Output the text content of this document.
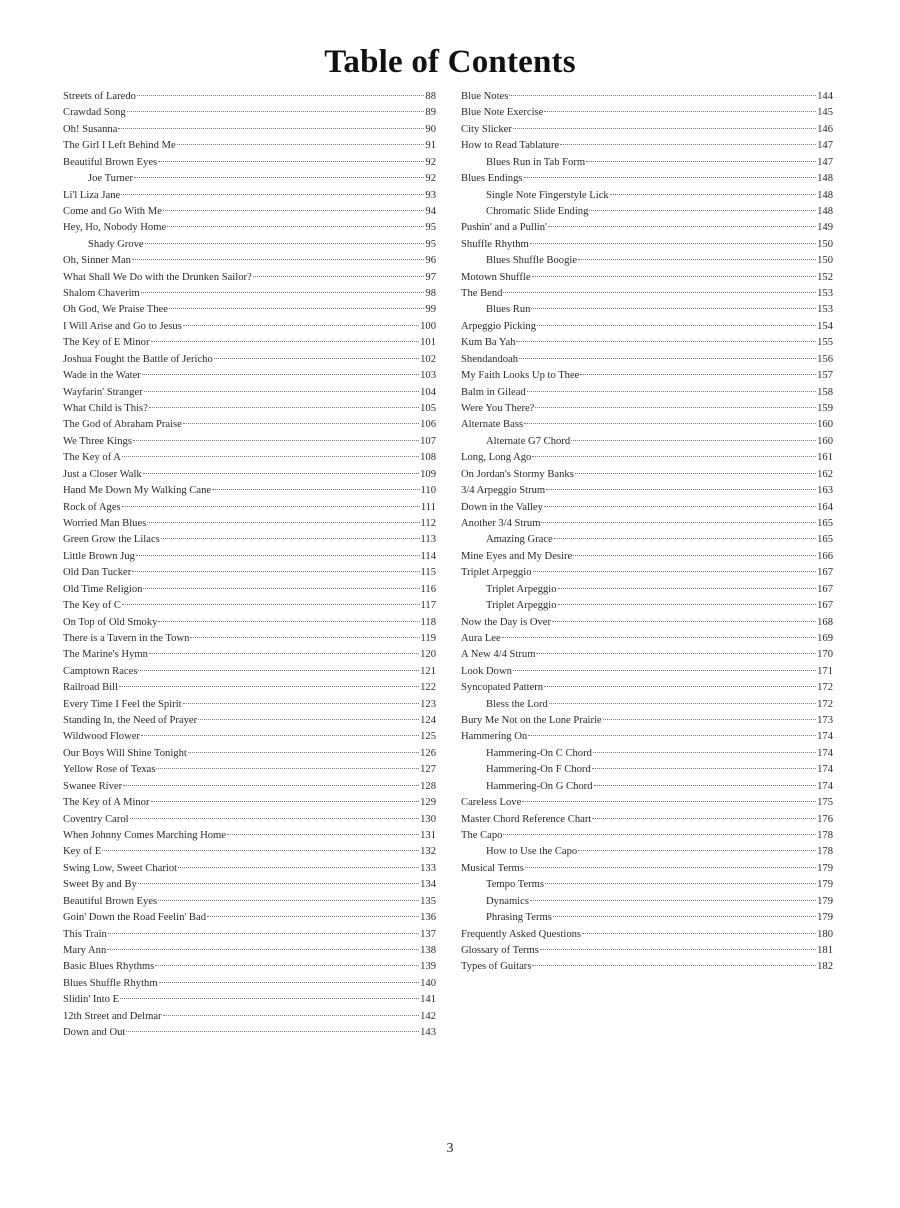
Table of Contents
Streets of Laredo	88
Crawdad Song	89
Oh! Susanna	90
The Girl I Left Behind Me	91
Beautiful Brown Eyes	92
Joe Turner	92
Li'l Liza Jane	93
Come and Go With Me	94
Hey, Ho, Nobody Home	95
Shady Grove	95
Oh, Sinner Man	96
What Shall We Do with the Drunken Sailor?	97
Shalom Chaverim	98
Oh God, We Praise Thee	99
I Will Arise and Go to Jesus	100
The Key of E Minor	101
Joshua Fought the Battle of Jericho	102
Wade in the Water	103
Wayfarin' Stranger	104
What Child is This?	105
The God of Abraham Praise	106
We Three Kings	107
The Key of A	108
Just a Closer Walk	109
Hand Me Down My Walking Cane	110
Rock of Ages	111
Worried Man Blues	112
Green Grow the Lilacs	113
Little Brown Jug	114
Old Dan Tucker	115
Old Time Religion	116
The Key of C	117
On Top of Old Smoky	118
There is a Tavern in the Town	119
The Marine's Hymn	120
Camptown Races	121
Railroad Bill	122
Every Time I Feel the Spirit	123
Standing In, the Need of Prayer	124
Wildwood Flower	125
Our Boys Will Shine Tonight	126
Yellow Rose of Texas	127
Swanee River	128
The Key of A Minor	129
Coventry Carol	130
When Johnny Comes Marching Home	131
Key of E	132
Swing Low, Sweet Chariot	133
Sweet By and By	134
Beautiful Brown Eyes	135
Goin' Down the Road Feelin' Bad	136
This Train	137
Mary Ann	138
Basic Blues Rhythms	139
Blues Shuffle Rhythm	140
Slidin' Into E	141
12th Street and Delmar	142
Down and Out	143
Blue Notes	144
Blue Note Exercise	145
City Slicker	146
How to Read Tablature	147
Blues Run in Tab Form	147
Blues Endings	148
Single Note Fingerstyle Lick	148
Chromatic Slide Ending	148
Pushin' and a Pullin'	149
Shuffle Rhythm	150
Blues Shuffle Boogie	150
Motown Shuffle	152
The Bend	153
Blues Run	153
Arpeggio Picking	154
Kum Ba Yah	155
Shendandoah	156
My Faith Looks Up to Thee	157
Balm in Gilead	158
Were You There?	159
Alternate Bass	160
Alternate G7 Chord	160
Long, Long Ago	161
On Jordan's Stormy Banks	162
3/4 Arpeggio Strum	163
Down in the Valley	164
Another 3/4 Strum	165
Amazing Grace	165
Mine Eyes and My Desire	166
Triplet Arpeggio	167
Triplet Arpeggio	167
Triplet Arpeggio	167
Now the Day is Over	168
Aura Lee	169
A New 4/4 Strum	170
Look Down	171
Syncopated Pattern	172
Bless the Lord	172
Bury Me Not on the Lone Prairie	173
Hammering On	174
Hammering-On C Chord	174
Hammering-On F Chord	174
Hammering-On G Chord	174
Careless Love	175
Master Chord Reference Chart	176
The Capo	178
How to Use the Capo	178
Musical Terms	179
Tempo Terms	179
Dynamics	179
Phrasing Terms	179
Frequently Asked Questions	180
Glossary of Terms	181
Types of Guitars	182
3
